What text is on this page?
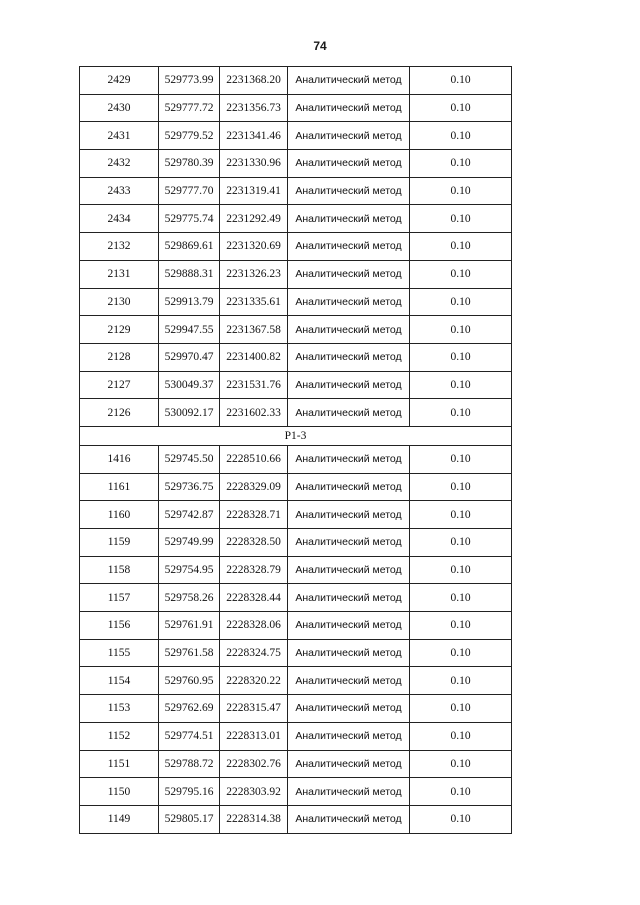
74
2429	529773.99	2231368.20	Аналитический метод	0.10
2430	529777.72	2231356.73	Аналитический метод	0.10
2431	529779.52	2231341.46	Аналитический метод	0.10
2432	529780.39	2231330.96	Аналитический метод	0.10
2433	529777.70	2231319.41	Аналитический метод	0.10
2434	529775.74	2231292.49	Аналитический метод	0.10
2132	529869.61	2231320.69	Аналитический метод	0.10
2131	529888.31	2231326.23	Аналитический метод	0.10
2130	529913.79	2231335.61	Аналитический метод	0.10
2129	529947.55	2231367.58	Аналитический метод	0.10
2128	529970.47	2231400.82	Аналитический метод	0.10
2127	530049.37	2231531.76	Аналитический метод	0.10
2126	530092.17	2231602.33	Аналитический метод	0.10
Р1-3				
1416	529745.50	2228510.66	Аналитический метод	0.10
1161	529736.75	2228329.09	Аналитический метод	0.10
1160	529742.87	2228328.71	Аналитический метод	0.10
1159	529749.99	2228328.50	Аналитический метод	0.10
1158	529754.95	2228328.79	Аналитический метод	0.10
1157	529758.26	2228328.44	Аналитический метод	0.10
1156	529761.91	2228328.06	Аналитический метод	0.10
1155	529761.58	2228324.75	Аналитический метод	0.10
1154	529760.95	2228320.22	Аналитический метод	0.10
1153	529762.69	2228315.47	Аналитический метод	0.10
1152	529774.51	2228313.01	Аналитический метод	0.10
1151	529788.72	2228302.76	Аналитический метод	0.10
1150	529795.16	2228303.92	Аналитический метод	0.10
1149	529805.17	2228314.38	Аналитический метод	0.10
